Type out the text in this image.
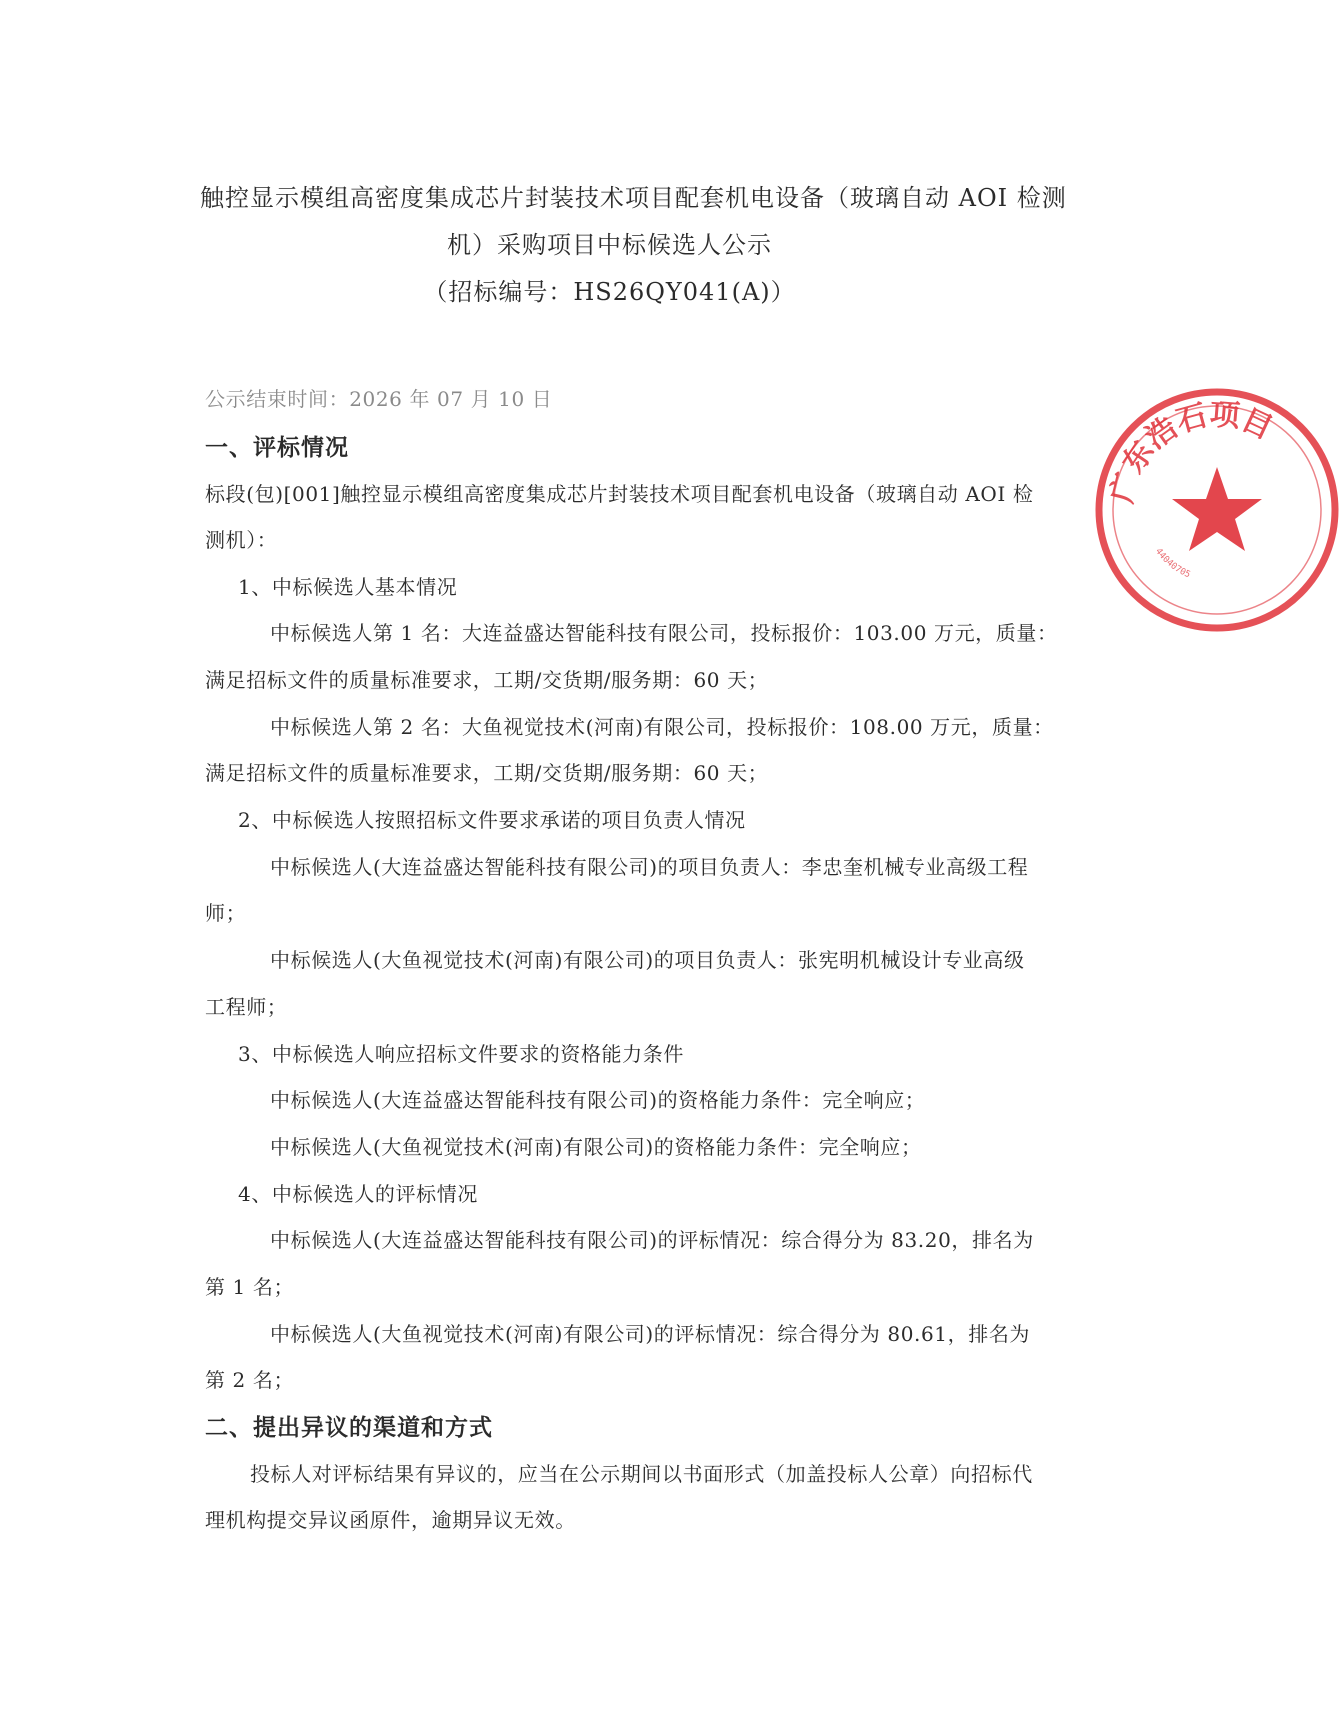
触控显示模组高密度集成芯片封装技术项目配套机电设备（玻璃自动 AOI 检测
机）采购项目中标候选人公示
（招标编号：HS26QY041(A)）
公示结束时间：2026 年 07 月 10 日
一、评标情况
标段(包)[001]触控显示模组高密度集成芯片封装技术项目配套机电设备（玻璃自动 AOI 检
测机）：
1、中标候选人基本情况
中标候选人第 1 名：大连益盛达智能科技有限公司，投标报价：103.00 万元，质量：
满足招标文件的质量标准要求，工期/交货期/服务期：60 天；
中标候选人第 2 名：大鱼视觉技术(河南)有限公司，投标报价：108.00 万元，质量：
满足招标文件的质量标准要求，工期/交货期/服务期：60 天；
2、中标候选人按照招标文件要求承诺的项目负责人情况
中标候选人(大连益盛达智能科技有限公司)的项目负责人：李忠奎机械专业高级工程
师；
中标候选人(大鱼视觉技术(河南)有限公司)的项目负责人：张宪明机械设计专业高级
工程师；
3、中标候选人响应招标文件要求的资格能力条件
中标候选人(大连益盛达智能科技有限公司)的资格能力条件：完全响应；
中标候选人(大鱼视觉技术(河南)有限公司)的资格能力条件：完全响应；
4、中标候选人的评标情况
中标候选人(大连益盛达智能科技有限公司)的评标情况：综合得分为 83.20，排名为
第 1 名；
中标候选人(大鱼视觉技术(河南)有限公司)的评标情况：综合得分为 80.61，排名为
第 2 名；
二、提出异议的渠道和方式
投标人对评标结果有异议的，应当在公示期间以书面形式（加盖投标人公章）向招标代
理机构提交异议函原件，逾期异议无效。
广东浩石项目
44040705
